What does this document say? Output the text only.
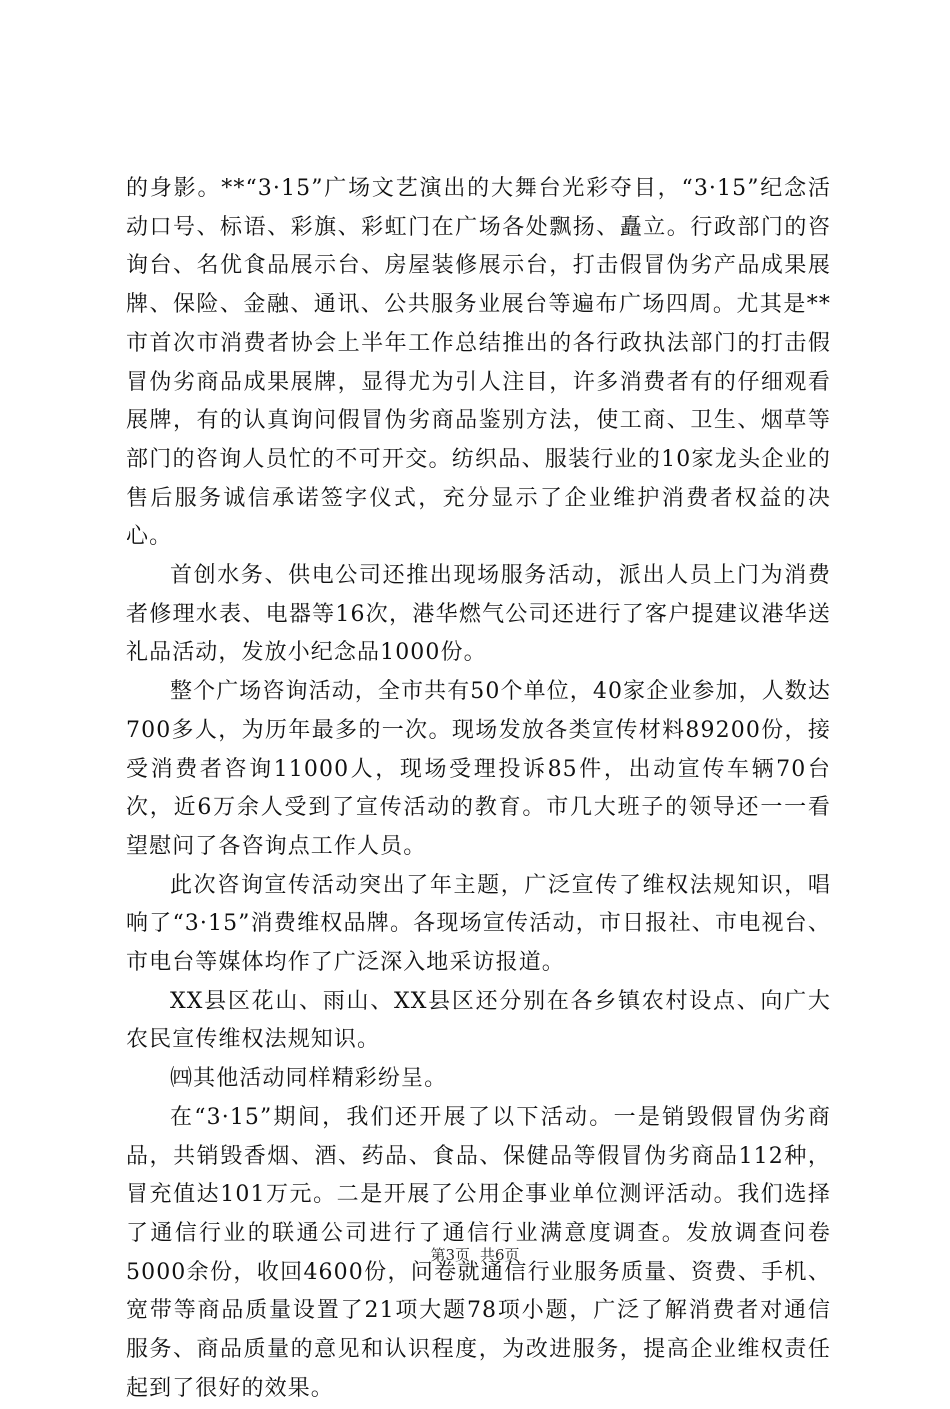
的身影。**“3·15”广场文艺演出的大舞台光彩夺目，“3·15”纪念活动口号、标语、彩旗、彩虹门在广场各处飘扬、矗立。行政部门的咨询台、名优食品展示台、房屋装修展示台，打击假冒伪劣产品成果展牌、保险、金融、通讯、公共服务业展台等遍布广场四周。尤其是**市首次市消费者协会上半年工作总结推出的各行政执法部门的打击假冒伪劣商品成果展牌，显得尤为引人注目，许多消费者有的仔细观看展牌，有的认真询问假冒伪劣商品鉴别方法，使工商、卫生、烟草等部门的咨询人员忙的不可开交。纺织品、服装行业的10家龙头企业的售后服务诚信承诺签字仪式，充分显示了企业维护消费者权益的决心。

首创水务、供电公司还推出现场服务活动，派出人员上门为消费者修理水表、电器等16次，港华燃气公司还进行了客户提建议港华送礼品活动，发放小纪念品1000份。

整个广场咨询活动，全市共有50个单位，40家企业参加，人数达700多人，为历年最多的一次。现场发放各类宣传材料89200份，接受消费者咨询11000人，现场受理投诉85件，出动宣传车辆70台次，近6万余人受到了宣传活动的教育。市几大班子的领导还一一看望慰问了各咨询点工作人员。

此次咨询宣传活动突出了年主题，广泛宣传了维权法规知识，唱响了“3·15”消费维权品牌。各现场宣传活动，市日报社、市电视台、市电台等媒体均作了广泛深入地采访报道。

XX县区花山、雨山、XX县区还分别在各乡镇农村设点、向广大农民宣传维权法规知识。

㈣其他活动同样精彩纷呈。

在“3·15”期间，我们还开展了以下活动。一是销毁假冒伪劣商品，共销毁香烟、酒、药品、食品、保健品等假冒伪劣商品112种，冒充值达101万元。二是开展了公用企事业单位测评活动。我们选择了通信行业的联通公司进行了通信行业满意度调查。发放调查问卷5000余份，收回4600份，问卷就通信行业服务质量、资费、手机、宽带等商品质量设置了21项大题78项小题，广泛了解消费者对通信服务、商品质量的意见和认识程度，为改进服务，提高企业维权责任起到了很好的效果。

第3页 共6页
